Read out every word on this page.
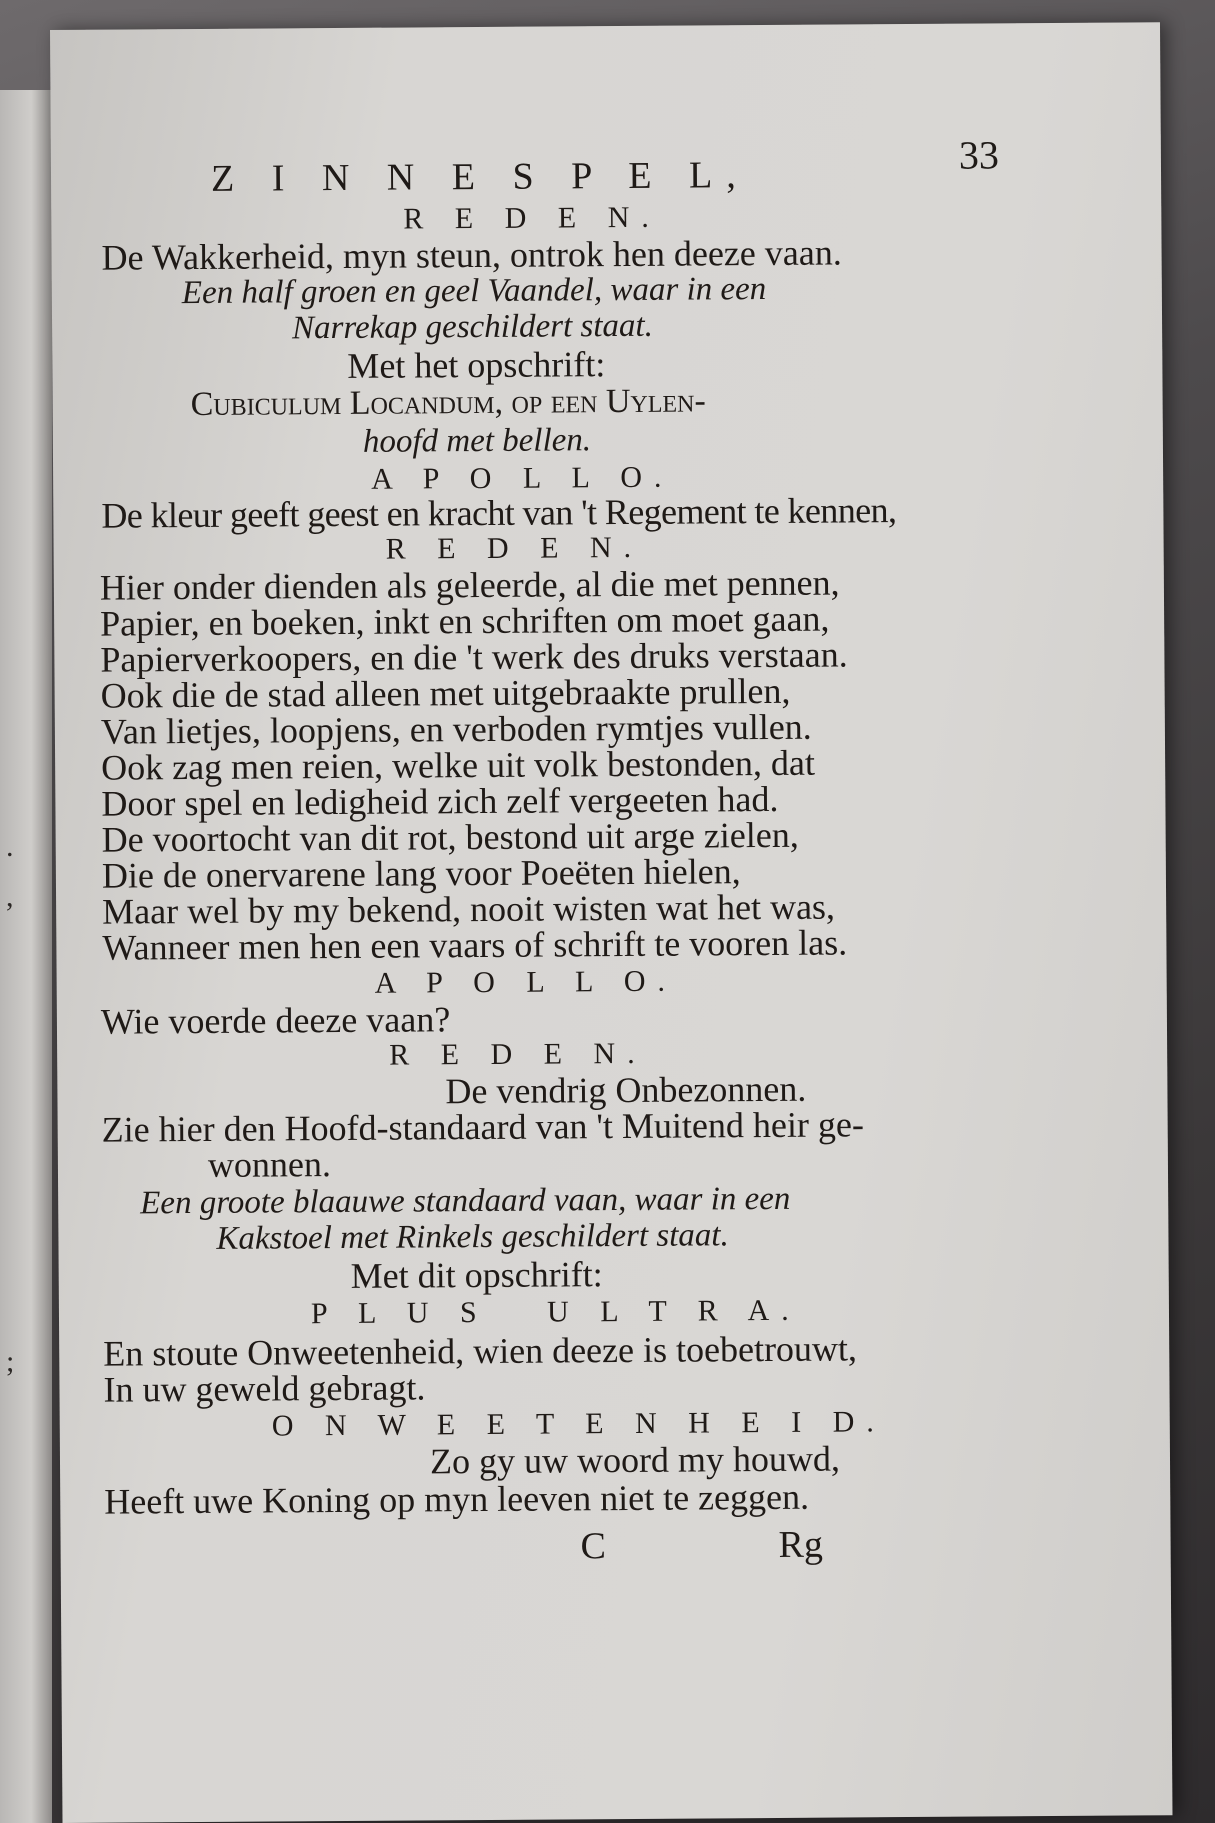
.
,
;
Z I N N E S P E L,	33
R E D E N.
De Wakkerheid, myn steun, ontrok hen deeze vaan.
Een half groen en geel Vaandel, waar in een
Narrekap geschildert staat.
Met het opschrift:
Cubiculum Locandum, op een Uylen-
hoofd met bellen.
A P O L L O.
De kleur geeft geest en kracht van 't Regement te kennen,
R E D E N.
Hier onder dienden als geleerde, al die met pennen,
Papier, en boeken, inkt en schriften om moet gaan,
Papierverkoopers, en die 't werk des druks verstaan.
Ook die de stad alleen met uitgebraakte prullen,
Van lietjes, loopjens, en verboden rymtjes vullen.
Ook zag men reien, welke uit volk bestonden, dat
Door spel en ledigheid zich zelf vergeeten had.
De voortocht van dit rot, bestond uit arge zielen,
Die de onervarene lang voor Poeëten hielen,
Maar wel by my bekend, nooit wisten wat het was,
Wanneer men hen een vaars of schrift te vooren las.
A P O L L O.
Wie voerde deeze vaan?
R E D E N.
De vendrig Onbezonnen.
Zie hier den Hoofd-standaard van 't Muitend heir ge-
wonnen.
Een groote blaauwe standaard vaan, waar in een
Kakstoel met Rinkels geschildert staat.
Met dit opschrift:
P L U S   U L T R A.
En stoute Onweetenheid, wien deeze is toebetrouwt,
In uw geweld gebragt.
O N W E E T E N H E I D.
Zo gy uw woord my houwd,
Heeft uwe Koning op myn leeven niet te zeggen.
C	Rg
